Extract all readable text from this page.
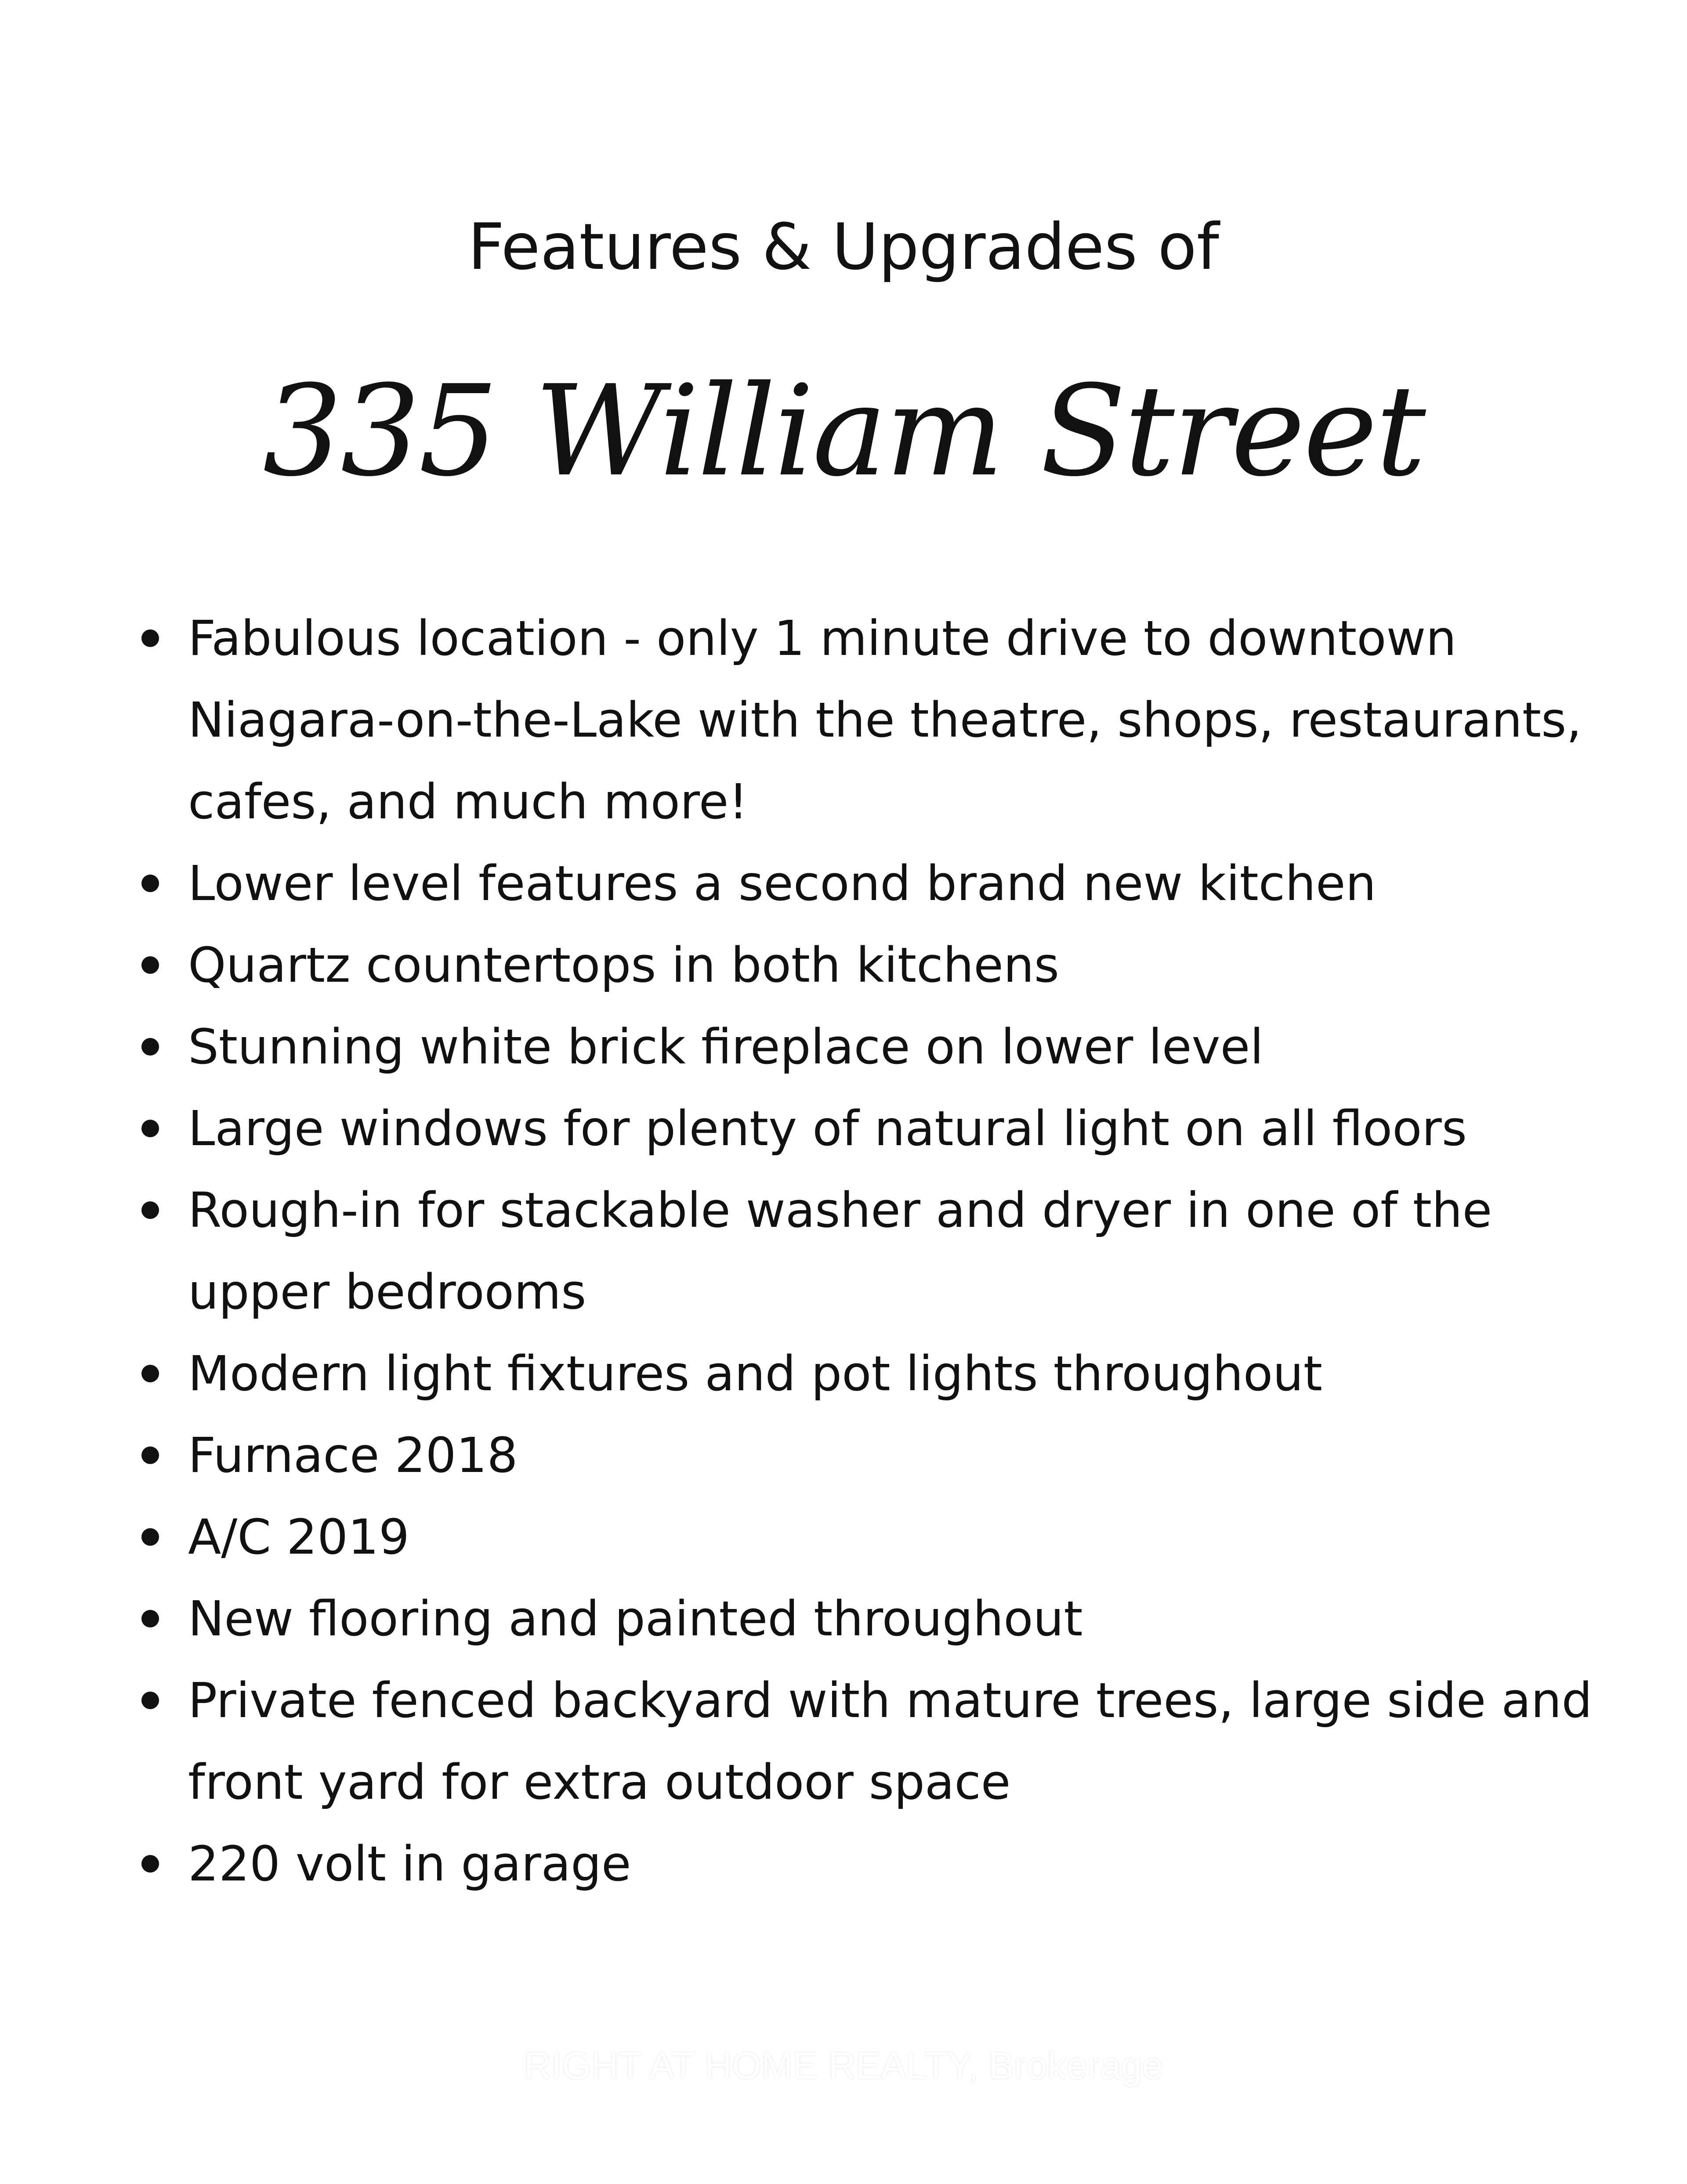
Features & Upgrades of
335 William Street
Fabulous location - only 1 minute drive to downtown Niagara-on-the-Lake with the theatre, shops, restaurants, cafes, and much more!
Lower level features a second brand new kitchen
Quartz countertops in both kitchens
Stunning white brick fireplace on lower level
Large windows for plenty of natural light on all floors
Rough-in for stackable washer and dryer in one of the upper bedrooms
Modern light fixtures and pot lights throughout
Furnace 2018
A/C 2019
New flooring and painted throughout
Private fenced backyard with mature trees, large side and front yard for extra outdoor space
220 volt in garage
RIGHT AT HOME REALTY, Brokerage
